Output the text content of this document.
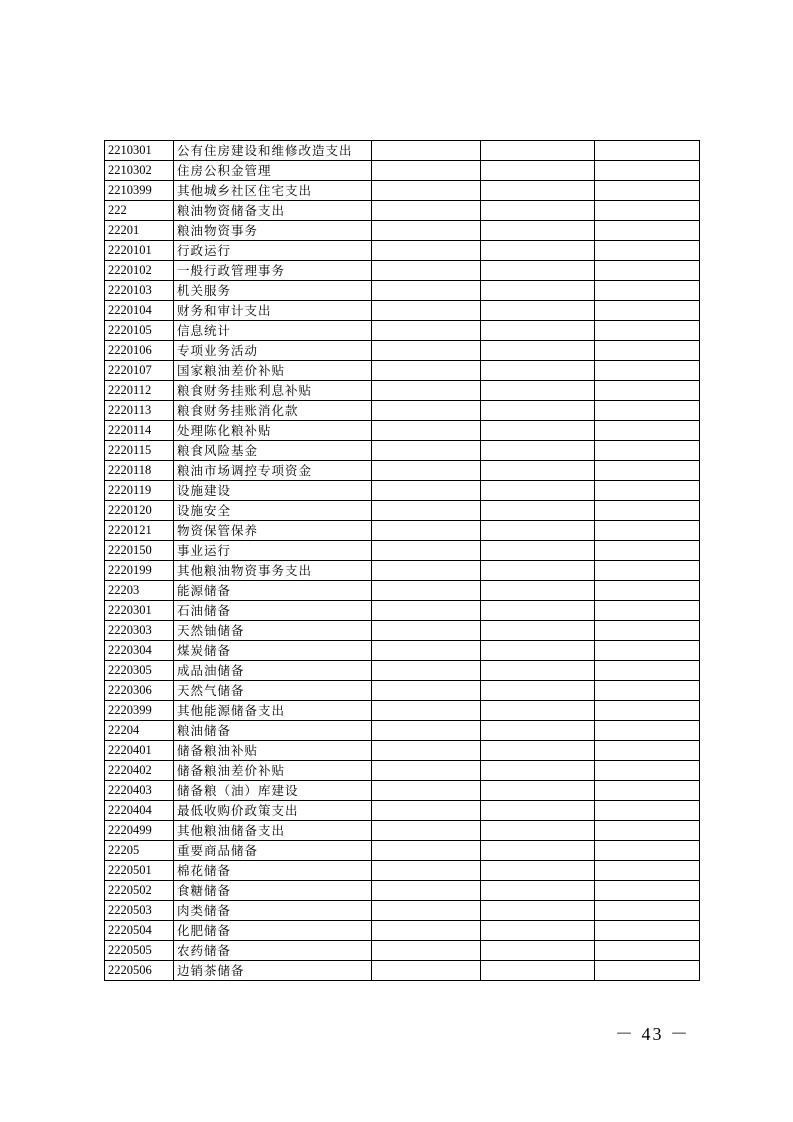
2210301	公有住房建设和维修改造支出			
2210302	住房公积金管理			
2210399	其他城乡社区住宅支出			
222	粮油物资储备支出			
22201	粮油物资事务			
2220101	行政运行			
2220102	一般行政管理事务			
2220103	机关服务			
2220104	财务和审计支出			
2220105	信息统计			
2220106	专项业务活动			
2220107	国家粮油差价补贴			
2220112	粮食财务挂账利息补贴			
2220113	粮食财务挂账消化款			
2220114	处理陈化粮补贴			
2220115	粮食风险基金			
2220118	粮油市场调控专项资金			
2220119	设施建设			
2220120	设施安全			
2220121	物资保管保养			
2220150	事业运行			
2220199	其他粮油物资事务支出			
22203	能源储备			
2220301	石油储备			
2220303	天然铀储备			
2220304	煤炭储备			
2220305	成品油储备			
2220306	天然气储备			
2220399	其他能源储备支出			
22204	粮油储备			
2220401	储备粮油补贴			
2220402	储备粮油差价补贴			
2220403	储备粮（油）库建设			
2220404	最低收购价政策支出			
2220499	其他粮油储备支出			
22205	重要商品储备			
2220501	棉花储备			
2220502	食糖储备			
2220503	肉类储备			
2220504	化肥储备			
2220505	农药储备			
2220506	边销茶储备			
－ 43 －
